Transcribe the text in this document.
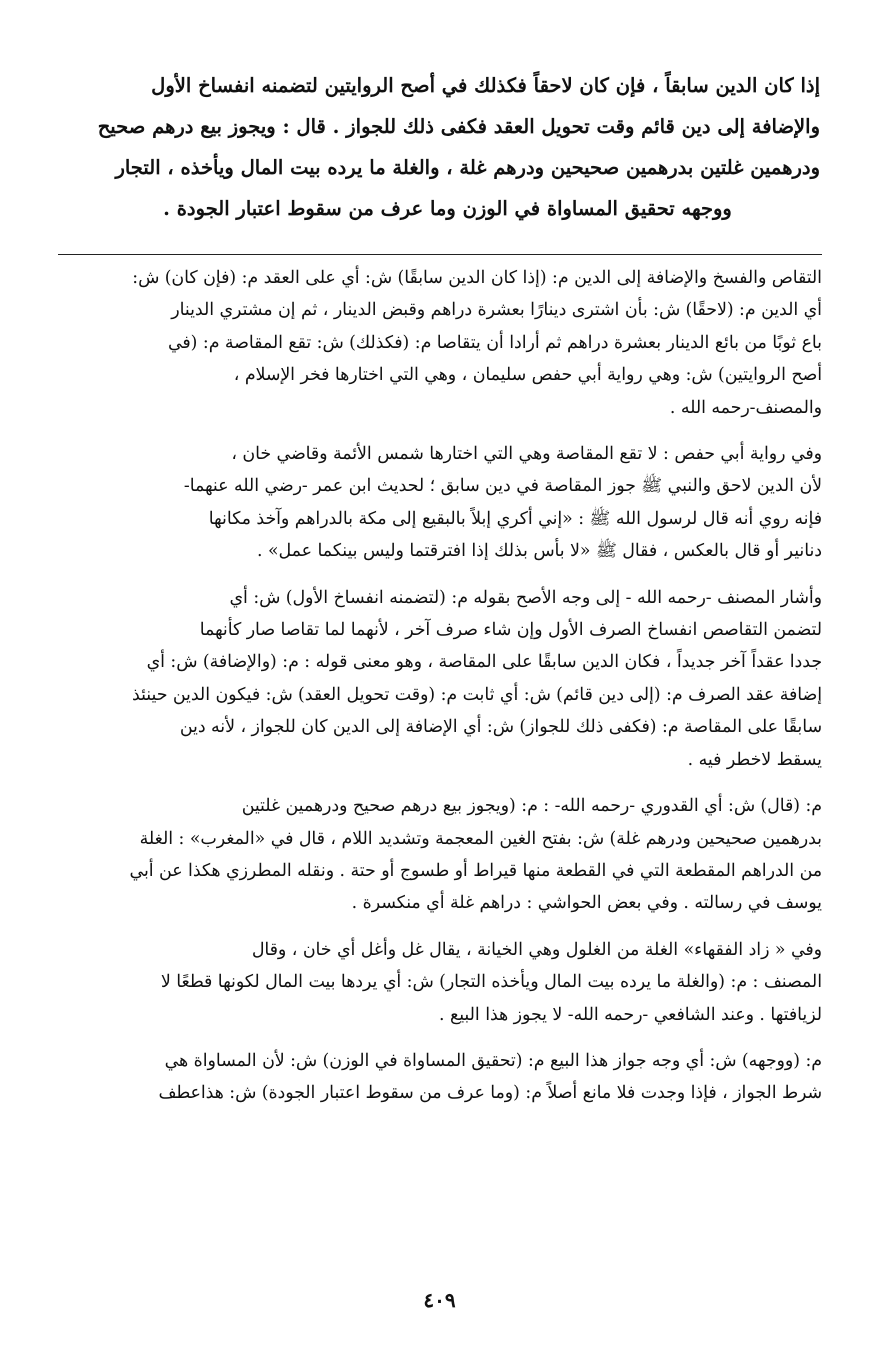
إذا كان الدين سابقاً ، فإن كان لاحقاً فكذلك في أصح الروايتين لتضمنه انفساخ الأول

والإضافة إلى دين قائم وقت تحويل العقد فكفى ذلك للجواز . قال : ويجوز بيع درهم صحيح

ودرهمين غلتين بدرهمين صحيحين ودرهم غلة ، والغلة ما يرده بيت المال ويأخذه ، التجار

ووجهه تحقيق المساواة في الوزن وما عرف من سقوط اعتبار الجودة .

التقاص والفسخ والإضافة إلى الدين م: (إذا كان الدين سابقًا) ش: أي على العقد م: (فإن كان) ش:

أي الدين م: (لاحقًا) ش: بأن اشترى دينارًا بعشرة دراهم وقبض الدينار ، ثم إن مشتري الدينار

باع ثوبًا من بائع الدينار بعشرة دراهم ثم أرادا أن يتقاصا م: (فكذلك) ش: تقع المقاصة م: (في

أصح الروايتين) ش: وهي رواية أبي حفص سليمان ، وهي التي اختارها فخر الإسلام ،

والمصنف-رحمه الله .

وفي رواية أبي حفص : لا تقع المقاصة وهي التي اختارها شمس الأئمة وقاضي خان ،

لأن الدين لاحق والنبي ﷺ جوز المقاصة في دين سابق ؛ لحديث ابن عمر -رضي الله عنهما-

فإنه روي أنه قال لرسول الله ﷺ : «إني أكري إبلاً بالبقيع إلى مكة بالدراهم وآخذ مكانها

دنانير أو قال بالعكس ، فقال ﷺ «لا بأس بذلك إذا افترقتما وليس بينكما عمل» .

وأشار المصنف -رحمه الله - إلى وجه الأصح بقوله م: (لتضمنه انفساخ الأول) ش: أي

لتضمن التقاصص انفساخ الصرف الأول وإن شاء صرف آخر ، لأنهما لما تقاصا صار كأنهما

جددا عقداً آخر جديداً ، فكان الدين سابقًا على المقاصة ، وهو معنى قوله : م: (والإضافة) ش: أي

إضافة عقد الصرف م: (إلى دين قائم) ش: أي ثابت م: (وقت تحويل العقد) ش: فيكون الدين حينئذ

سابقًا على المقاصة م: (فكفى ذلك للجواز) ش: أي الإضافة إلى الدين كان للجواز ، لأنه دين

يسقط لاخطر فيه .

م: (قال) ش: أي القدوري -رحمه الله- : م: (ويجوز بيع درهم صحيح ودرهمين غلتين

بدرهمين صحيحين ودرهم غلة) ش: بفتح الغين المعجمة وتشديد اللام ، قال في «المغرب» : الغلة

من الدراهم المقطعة التي في القطعة منها قيراط أو طسوج أو حتة . ونقله المطرزي هكذا عن أبي

يوسف في رسالته . وفي بعض الحواشي : دراهم غلة أي منكسرة .

وفي « زاد الفقهاء» الغلة من الغلول وهي الخيانة ، يقال غل وأغل أي خان ، وقال

المصنف : م: (والغلة ما يرده بيت المال ويأخذه التجار) ش: أي يردها بيت المال لكونها قطعًا لا

لزيافتها . وعند الشافعي -رحمه الله- لا يجوز هذا البيع .

م: (ووجهه) ش: أي وجه جواز هذا البيع م: (تحقيق المساواة في الوزن) ش: لأن المساواة هي

شرط الجواز ، فإذا وجدت فلا مانع أصلاً م: (وما عرف من سقوط اعتبار الجودة) ش: هذاعطف

٤٠٩
